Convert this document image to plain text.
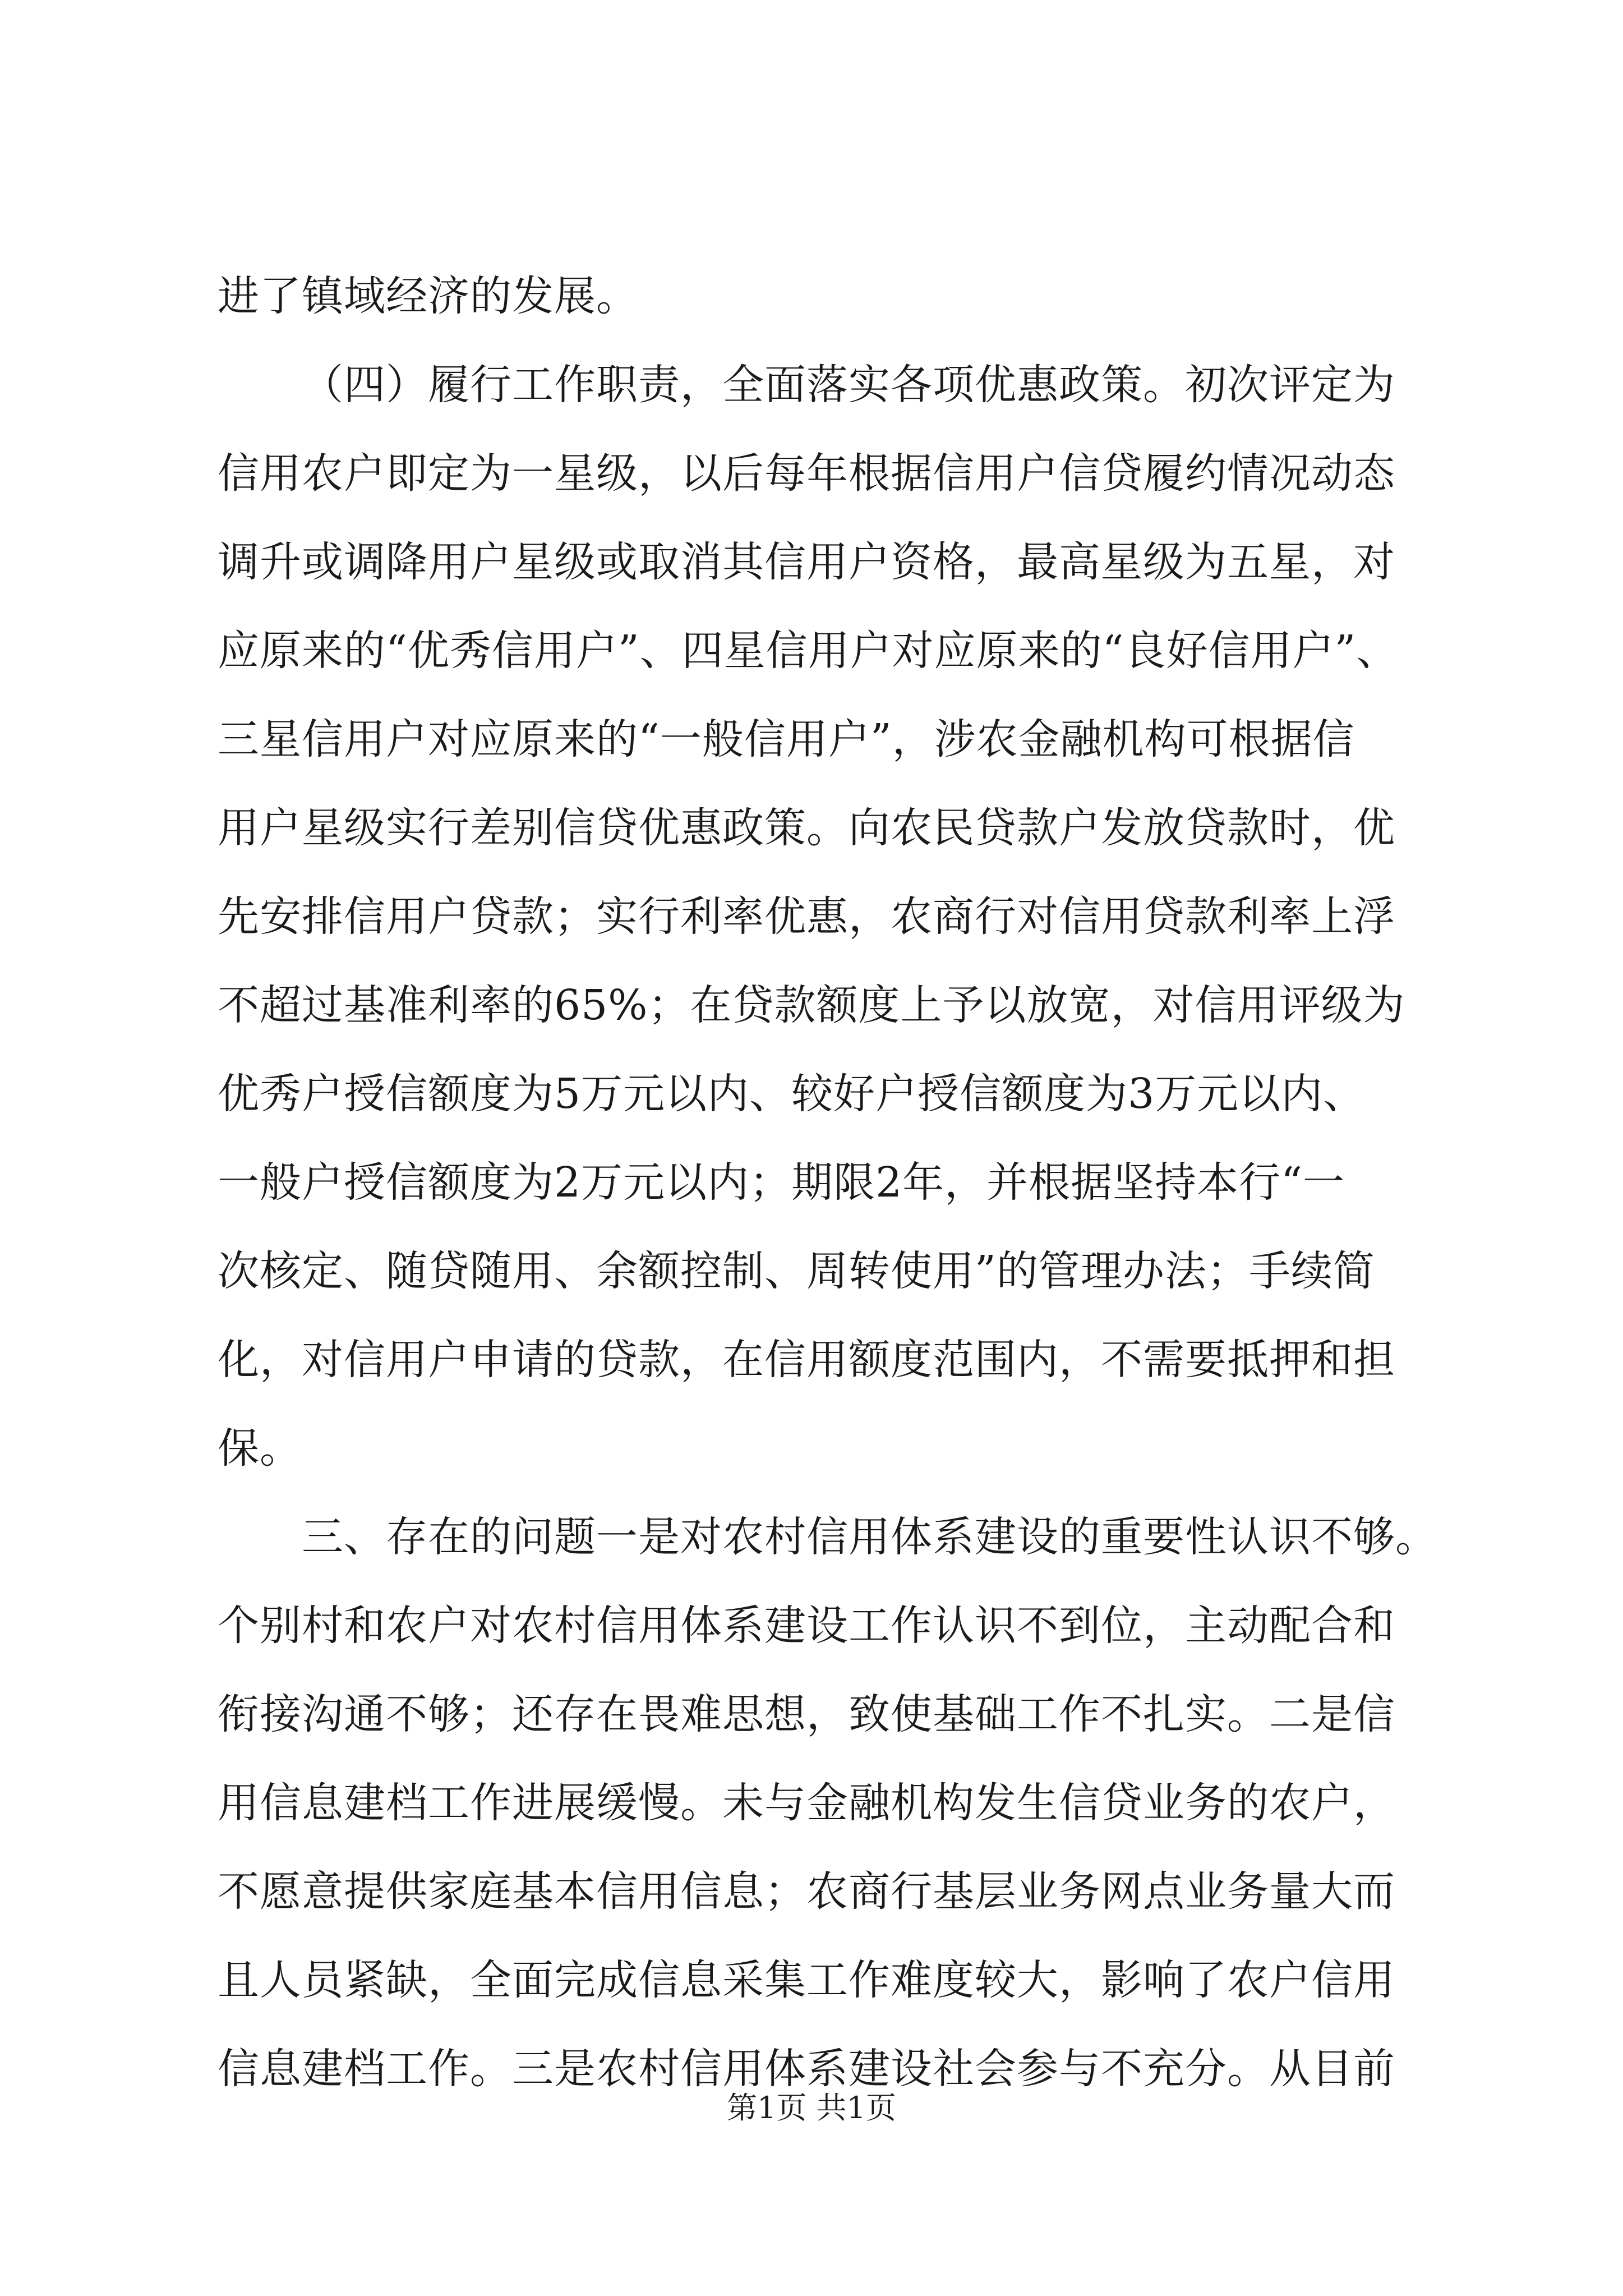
进了镇域经济的发展。
（四）履行工作职责，全面落实各项优惠政策。初次评定为
信用农户即定为一星级，以后每年根据信用户信贷履约情况动态
调升或调降用户星级或取消其信用户资格，最高星级为五星，对
应原来的“优秀信用户”、四星信用户对应原来的“良好信用户”、
三星信用户对应原来的“一般信用户”，涉农金融机构可根据信
用户星级实行差别信贷优惠政策。向农民贷款户发放贷款时，优
先安排信用户贷款；实行利率优惠，农商行对信用贷款利率上浮
不超过基准利率的65%；在贷款额度上予以放宽，对信用评级为
优秀户授信额度为5万元以内、较好户授信额度为3万元以内、
一般户授信额度为2万元以内；期限2年，并根据坚持本行“一
次核定、随贷随用、余额控制、周转使用”的管理办法；手续简
化，对信用户申请的贷款，在信用额度范围内，不需要抵押和担
保。
三、存在的问题一是对农村信用体系建设的重要性认识不够。
个别村和农户对农村信用体系建设工作认识不到位，主动配合和
衔接沟通不够；还存在畏难思想，致使基础工作不扎实。二是信
用信息建档工作进展缓慢。未与金融机构发生信贷业务的农户，
不愿意提供家庭基本信用信息；农商行基层业务网点业务量大而
且人员紧缺，全面完成信息采集工作难度较大，影响了农户信用
信息建档工作。三是农村信用体系建设社会参与不充分。从目前
第1页 共1页
